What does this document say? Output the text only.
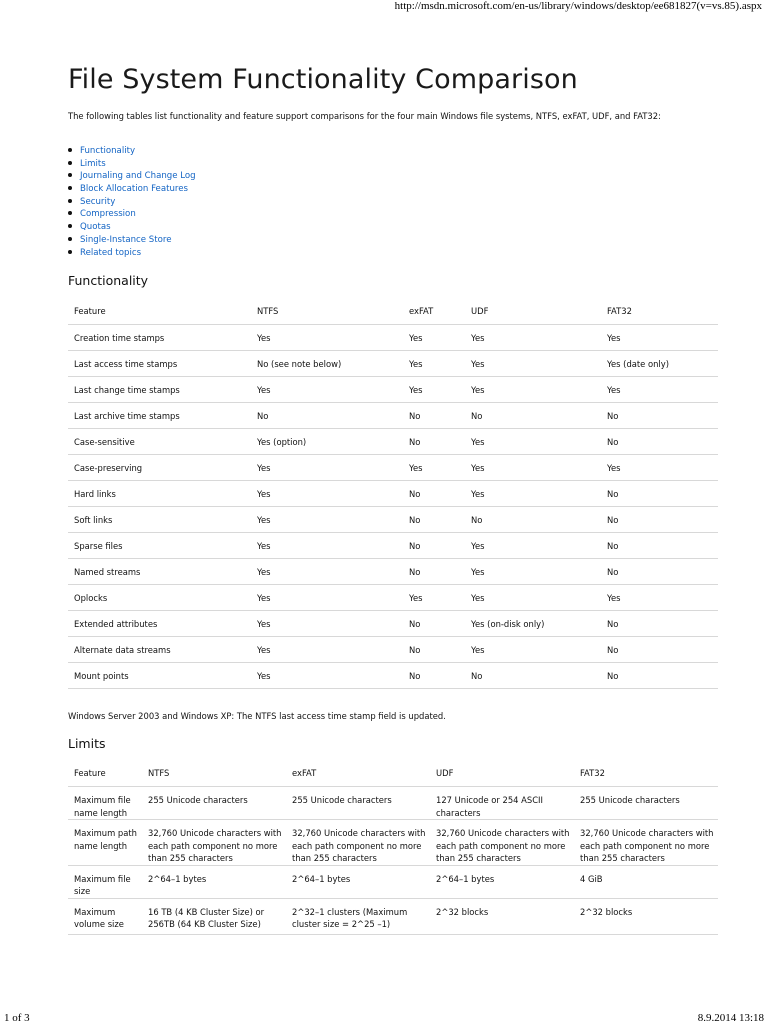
http://msdn.microsoft.com/en-us/library/windows/desktop/ee681827(v=vs.85).aspx
File System Functionality Comparison

The following tables list functionality and feature support comparisons for the four main Windows file systems, NTFS, exFAT, UDF, and FAT32:

Functionality
Limits
Journaling and Change Log
Block Allocation Features
Security
Compression
Quotas
Single-Instance Store
Related topics
Functionality
Feature	NTFS	exFAT	UDF	FAT32
Creation time stamps	Yes	Yes	Yes	Yes
Last access time stamps	No (see note below)	Yes	Yes	Yes (date only)
Last change time stamps	Yes	Yes	Yes	Yes
Last archive time stamps	No	No	No	No
Case-sensitive	Yes (option)	No	Yes	No
Case-preserving	Yes	Yes	Yes	Yes
Hard links	Yes	No	Yes	No
Soft links	Yes	No	No	No
Sparse files	Yes	No	Yes	No
Named streams	Yes	No	Yes	No
Oplocks	Yes	Yes	Yes	Yes
Extended attributes	Yes	No	Yes (on-disk only)	No
Alternate data streams	Yes	No	Yes	No
Mount points	Yes	No	No	No

Windows Server 2003 and Windows XP: The NTFS last access time stamp field is updated.

Limits
Feature	NTFS	exFAT	UDF	FAT32
Maximum file name length	255 Unicode characters	255 Unicode characters	127 Unicode or 254 ASCII characters	255 Unicode characters
Maximum path name length	32,760 Unicode characters with each path component no more than 255 characters	32,760 Unicode characters with each path component no more than 255 characters	32,760 Unicode characters with each path component no more than 255 characters	32,760 Unicode characters with each path component no more than 255 characters
Maximum file size	2^64–1 bytes	2^64–1 bytes	2^64–1 bytes	4 GiB
Maximum volume size	16 TB (4 KB Cluster Size) or 256TB (64 KB Cluster Size)	2^32–1 clusters (Maximum cluster size = 2^25 –1)	2^32 blocks	2^32 blocks
1 of 3	8.9.2014 13:18
